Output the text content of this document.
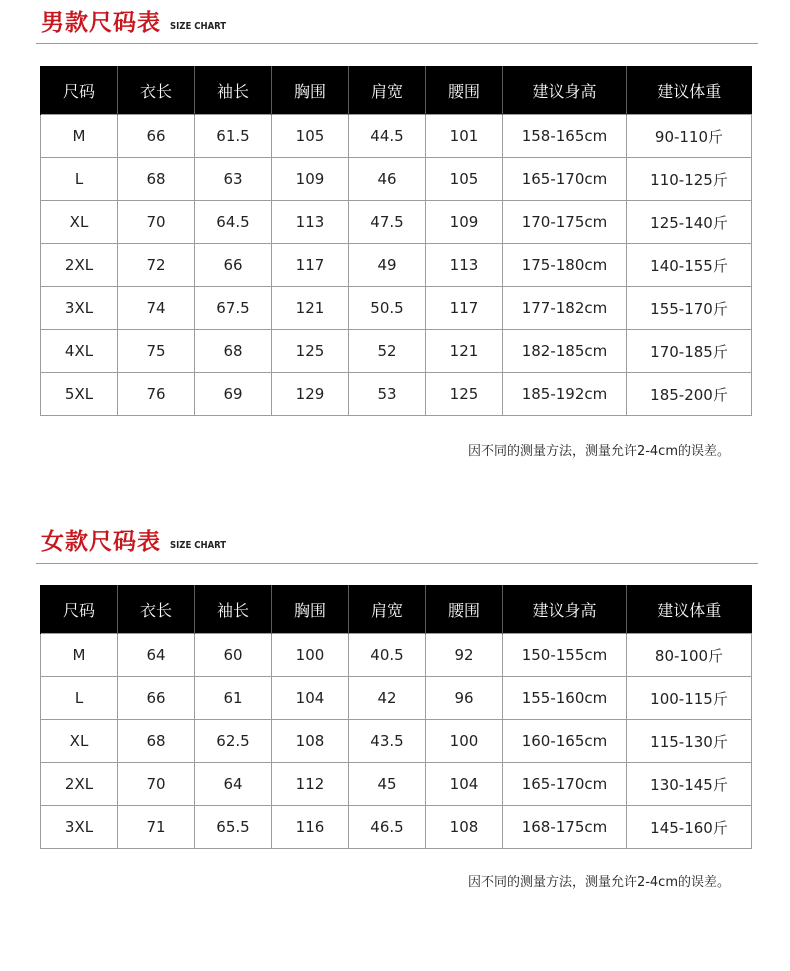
男款尺码表 SIZE CHART
尺码	衣长	袖长	胸围	肩宽	腰围	建议身高	建议体重
M	66	61.5	105	44.5	101	158-165cm	90-110斤
L	68	63	109	46	105	165-170cm	110-125斤
XL	70	64.5	113	47.5	109	170-175cm	125-140斤
2XL	72	66	117	49	113	175-180cm	140-155斤
3XL	74	67.5	121	50.5	117	177-182cm	155-170斤
4XL	75	68	125	52	121	182-185cm	170-185斤
5XL	76	69	129	53	125	185-192cm	185-200斤
因不同的测量方法，测量允许2-4cm的误差。
女款尺码表 SIZE CHART
尺码	衣长	袖长	胸围	肩宽	腰围	建议身高	建议体重
M	64	60	100	40.5	92	150-155cm	80-100斤
L	66	61	104	42	96	155-160cm	100-115斤
XL	68	62.5	108	43.5	100	160-165cm	115-130斤
2XL	70	64	112	45	104	165-170cm	130-145斤
3XL	71	65.5	116	46.5	108	168-175cm	145-160斤
因不同的测量方法，测量允许2-4cm的误差。
